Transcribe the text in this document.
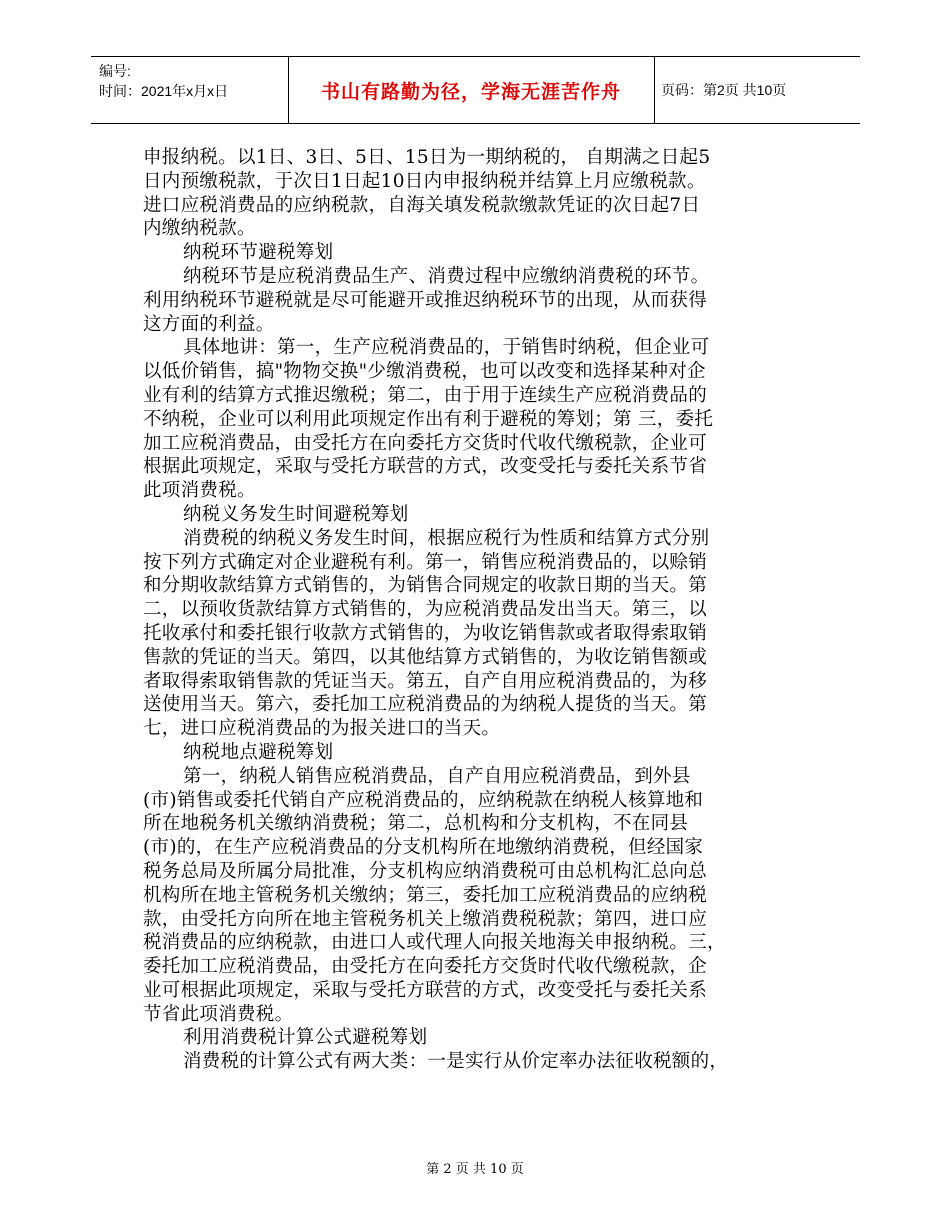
编号:
时间：2021年x月x日	书山有路勤为径，学海无涯苦作舟	页码：第2页 共10页
申报纳税。以1日、3日、5日、15日为一期纳税的， 自期满之日起5
日内预缴税款，于次日1日起10日内申报纳税并结算上月应缴税款。
进口应税消费品的应纳税款，自海关填发税款缴款凭证的次日起7日
内缴纳税款。
纳税环节避税筹划
纳税环节是应税消费品生产、消费过程中应缴纳消费税的环节。
利用纳税环节避税就是尽可能避开或推迟纳税环节的出现，从而获得
这方面的利益。
具体地讲：第一，生产应税消费品的，于销售时纳税，但企业可
以低价销售，搞"物物交换"少缴消费税，也可以改变和选择某种对企
业有利的结算方式推迟缴税；第二，由于用于连续生产应税消费品的
不纳税，企业可以利用此项规定作出有利于避税的筹划；第 三，委托
加工应税消费品，由受托方在向委托方交货时代收代缴税款，企业可
根据此项规定，采取与受托方联营的方式，改变受托与委托关系节省
此项消费税。
纳税义务发生时间避税筹划
消费税的纳税义务发生时间，根据应税行为性质和结算方式分别
按下列方式确定对企业避税有利。第一，销售应税消费品的，以赊销
和分期收款结算方式销售的，为销售合同规定的收款日期的当天。第
二，以预收货款结算方式销售的，为应税消费品发出当天。第三，以
托收承付和委托银行收款方式销售的，为收讫销售款或者取得索取销
售款的凭证的当天。第四，以其他结算方式销售的，为收讫销售额或
者取得索取销售款的凭证当天。第五，自产自用应税消费品的，为移
送使用当天。第六，委托加工应税消费品的为纳税人提货的当天。第
七，进口应税消费品的为报关进口的当天。
纳税地点避税筹划
第一，纳税人销售应税消费品，自产自用应税消费品，到外县
(市)销售或委托代销自产应税消费品的，应纳税款在纳税人核算地和
所在地税务机关缴纳消费税；第二，总机构和分支机构，不在同县
(市)的，在生产应税消费品的分支机构所在地缴纳消费税，但经国家
税务总局及所属分局批准，分支机构应纳消费税可由总机构汇总向总
机构所在地主管税务机关缴纳；第三，委托加工应税消费品的应纳税
款，由受托方向所在地主管税务机关上缴消费税税款；第四，进口应
税消费品的应纳税款，由进口人或代理人向报关地海关申报纳税。三，
委托加工应税消费品，由受托方在向委托方交货时代收代缴税款，企
业可根据此项规定，采取与受托方联营的方式，改变受托与委托关系
节省此项消费税。
利用消费税计算公式避税筹划
消费税的计算公式有两大类：一是实行从价定率办法征收税额的，
第 2 页 共 10 页
